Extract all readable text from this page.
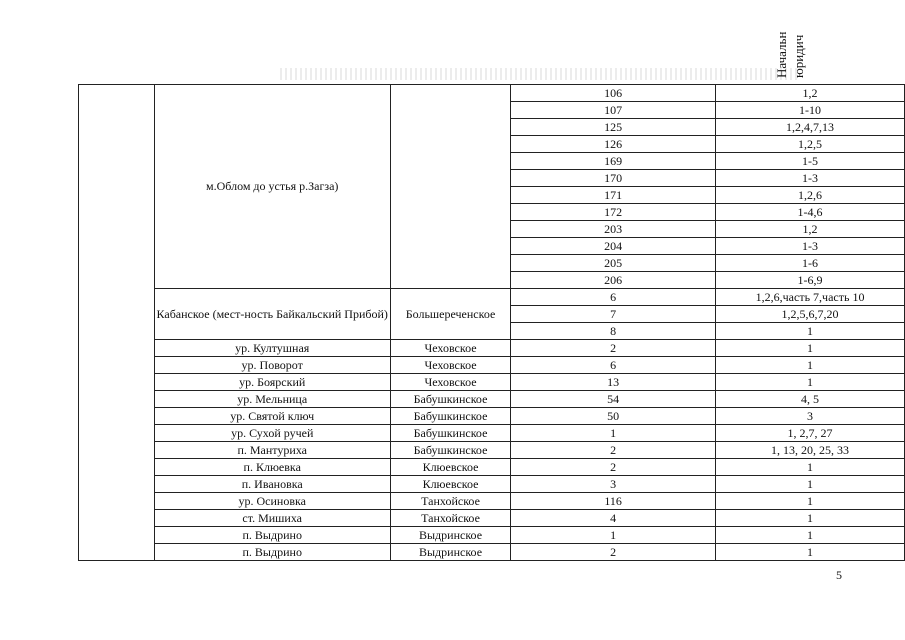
Начальн юридич
	м.Облом до устья р.Загза)		106	1,2
			107	1-10
			125	1,2,4,7,13
			126	1,2,5
			169	1-5
			170	1-3
			171	1,2,6
			172	1-4,6
			203	1,2
			204	1-3
			205	1-6
			206	1-6,9
	Кабанское (мест-ность Байкальский Прибой)	Большереченское	6	1,2,6,часть 7,часть 10
			7	1,2,5,6,7,20
			8	1
	ур. Култушная	Чеховское	2	1
	ур. Поворот	Чеховское	6	1
	ур. Боярский	Чеховское	13	1
	ур. Мельница	Бабушкинское	54	4, 5
	ур. Святой ключ	Бабушкинское	50	3
	ур. Сухой ручей	Бабушкинское	1	1, 2,7, 27
	п. Мантуриха	Бабушкинское	2	1, 13, 20, 25, 33
	п. Клюевка	Клюевское	2	1
	п. Ивановка	Клюевское	3	1
	ур. Осиновка	Танхойское	116	1
	ст. Мишиха	Танхойское	4	1
	п. Выдрино	Выдринское	1	1
	п. Выдрино	Выдринское	2	1
5
